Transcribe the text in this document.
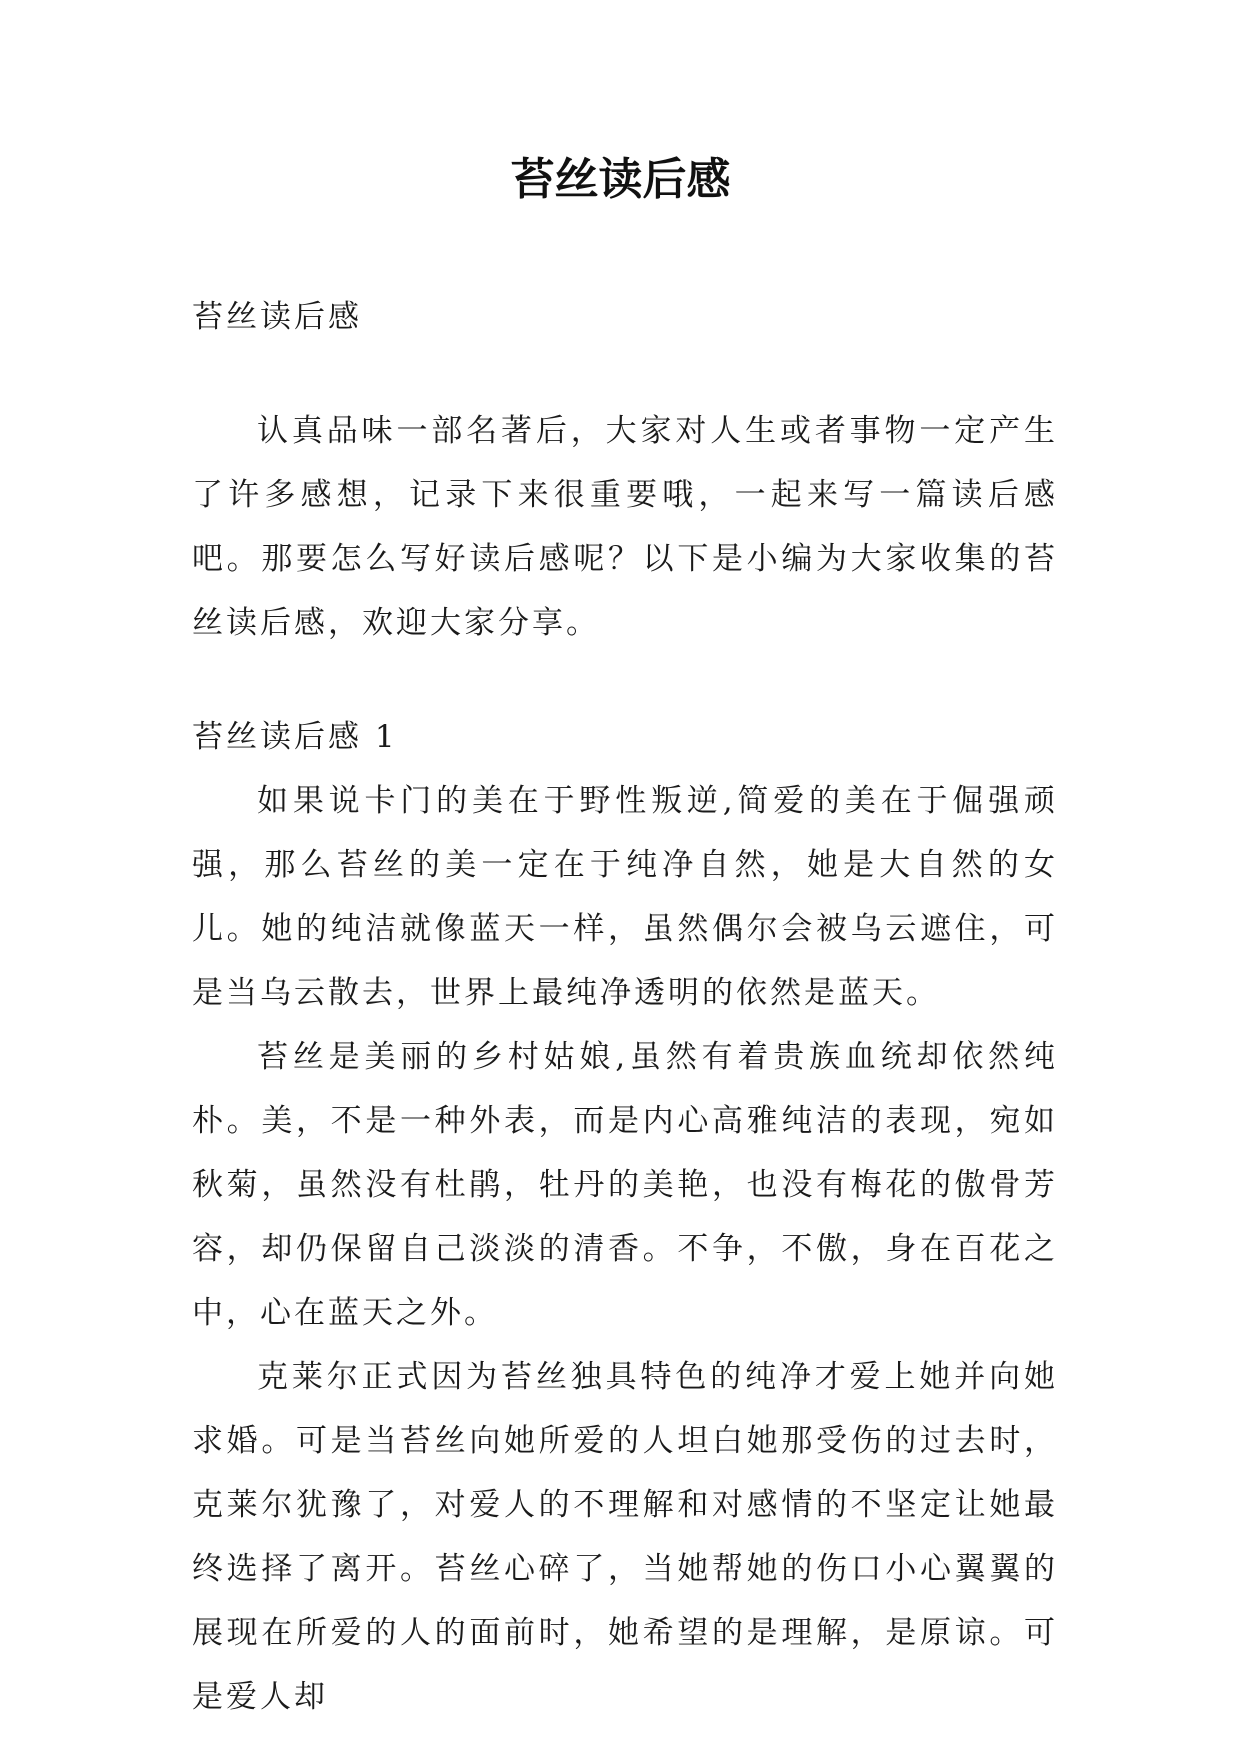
苔丝读后感

苔丝读后感

认真品味一部名著后，大家对人生或者事物一定产生了许多感想，记录下来很重要哦，一起来写一篇读后感吧。那要怎么写好读后感呢？以下是小编为大家收集的苔丝读后感，欢迎大家分享。

苔丝读后感 1

如果说卡门的美在于野性叛逆,简爱的美在于倔强顽强，那么苔丝的美一定在于纯净自然，她是大自然的女儿。她的纯洁就像蓝天一样，虽然偶尔会被乌云遮住，可是当乌云散去，世界上最纯净透明的依然是蓝天。

苔丝是美丽的乡村姑娘,虽然有着贵族血统却依然纯朴。美，不是一种外表，而是内心高雅纯洁的表现，宛如秋菊，虽然没有杜鹃，牡丹的美艳，也没有梅花的傲骨芳容，却仍保留自己淡淡的清香。不争，不傲，身在百花之中，心在蓝天之外。

克莱尔正式因为苔丝独具特色的纯净才爱上她并向她求婚。可是当苔丝向她所爱的人坦白她那受伤的过去时，克莱尔犹豫了，对爱人的不理解和对感情的不坚定让她最终选择了离开。苔丝心碎了，当她帮她的伤口小心翼翼的展现在所爱的人的面前时，她希望的是理解，是原谅。可是爱人却
